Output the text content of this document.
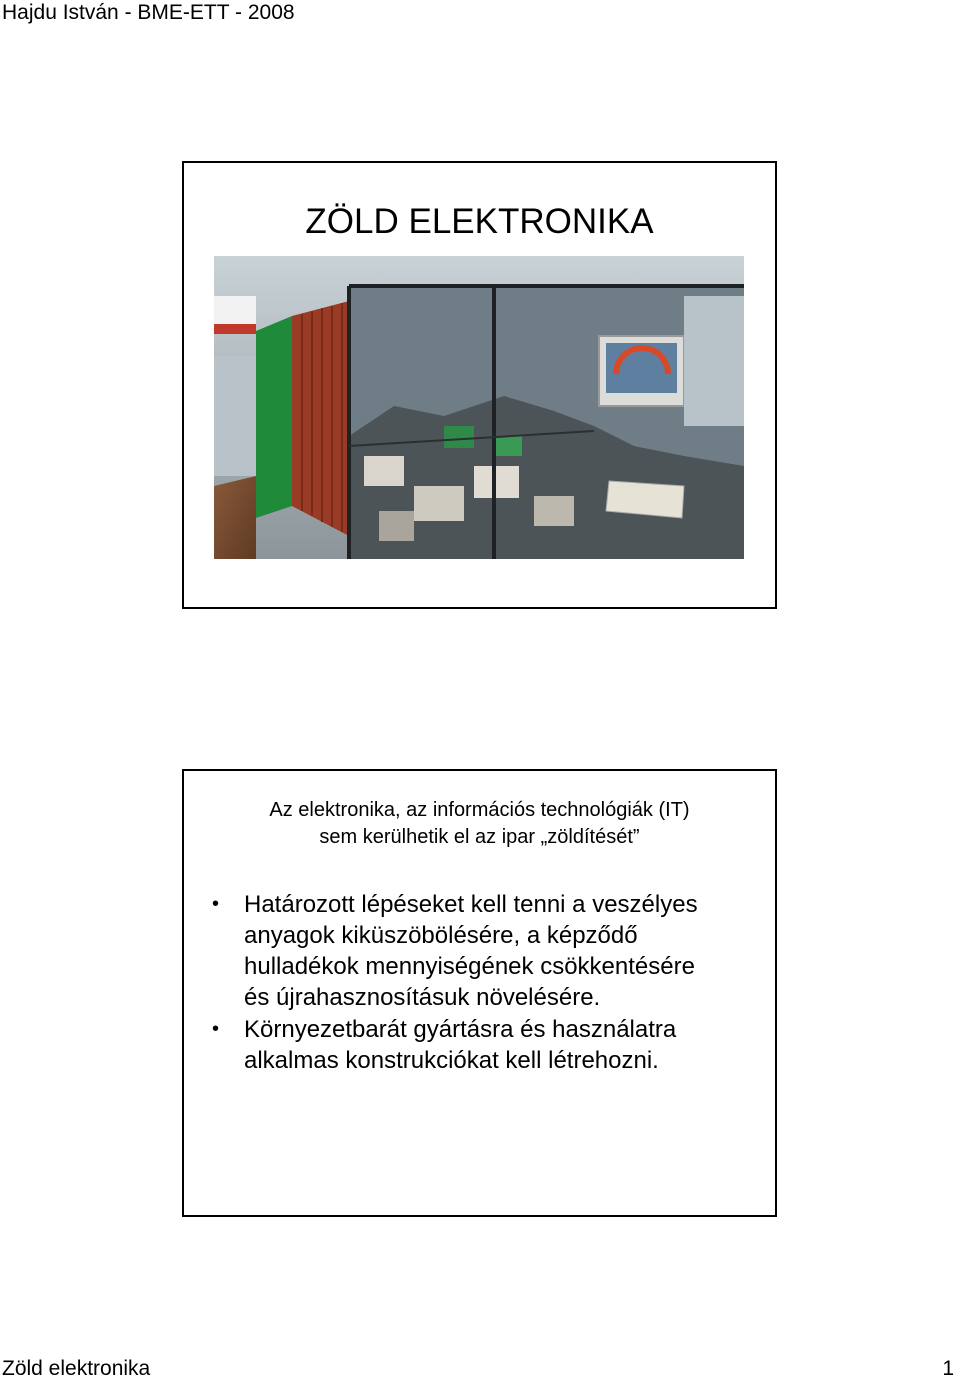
Hajdu István - BME-ETT - 2008
ZÖLD ELEKTRONIKA
Az elektronika, az információs technológiák (IT)
sem kerülhetik el az ipar „zöldítését”
• Határozott lépéseket kell tenni a veszélyes
anyagok kiküszöbölésére, a képződő
hulladékok mennyiségének csökkentésére
és újrahasznosításuk növelésére.
• Környezetbarát gyártásra és használatra
alkalmas konstrukciókat kell létrehozni.
Zöld elektronika	1
